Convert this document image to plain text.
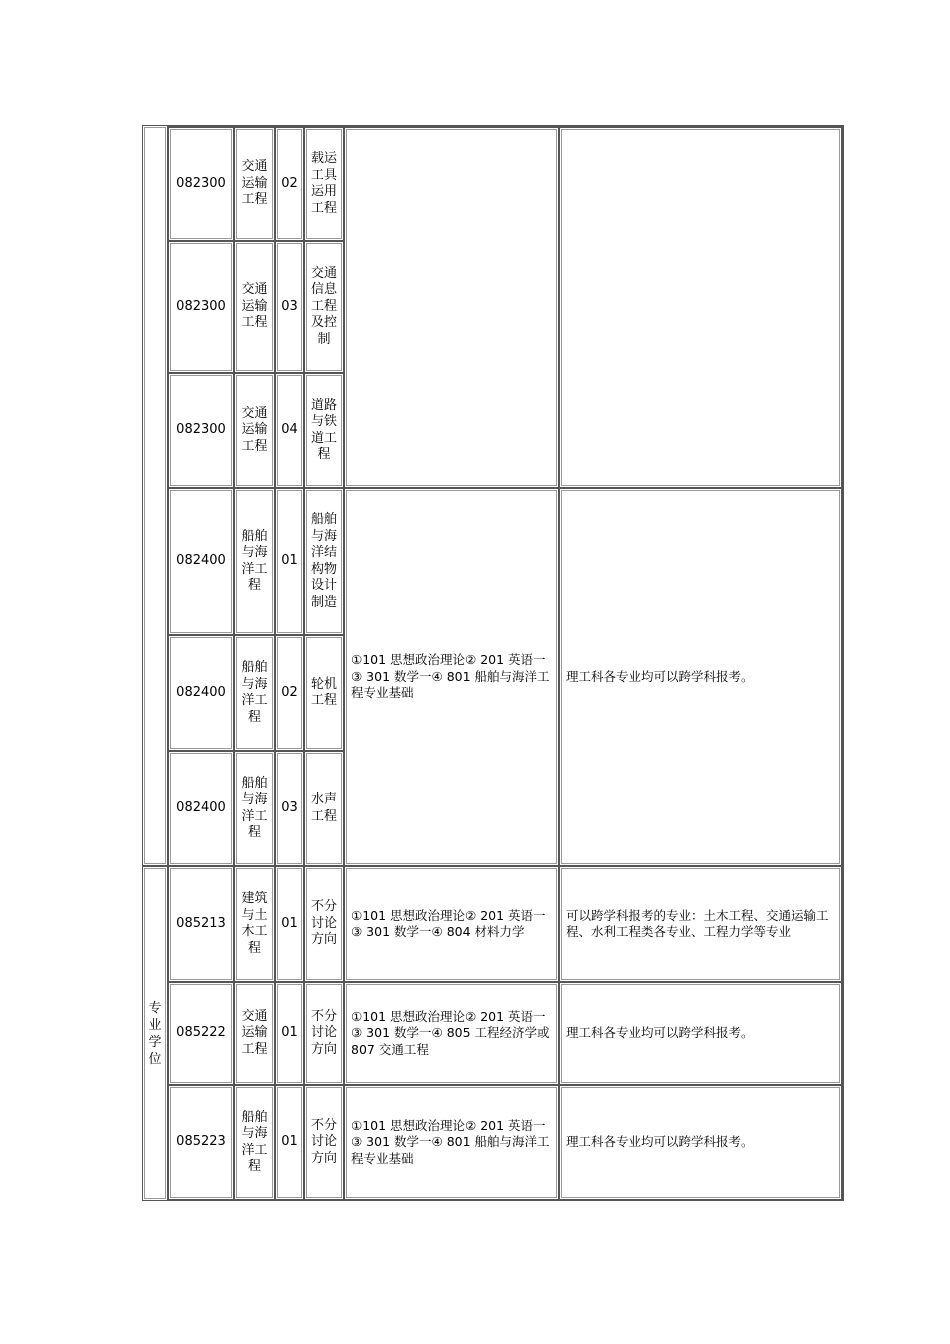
专业学位
082300
交通运输工程
02
载运工具运用工程
082300
交通运输工程
03
交通信息工程及控制
082300
交通运输工程
04
道路与铁道工程
082400
船舶与海洋工程
01
船舶与海洋结构物设计制造
082400
船舶与海洋工程
02
轮机工程
082400
船舶与海洋工程
03
水声工程
①101 思想政治理论② 201 英语一③ 301 数学一④ 801 船舶与海洋工程专业基础
理工科各专业均可以跨学科报考。
085213
建筑与土木工程
01
不分讨论方向
①101 思想政治理论② 201 英语一③ 301 数学一④ 804 材料力学
可以跨学科报考的专业：土木工程、交通运输工程、水利工程类各专业、工程力学等专业
085222
交通运输工程
01
不分讨论方向
①101 思想政治理论② 201 英语一③ 301 数学一④ 805 工程经济学或 807 交通工程
理工科各专业均可以跨学科报考。
085223
船舶与海洋工程
01
不分讨论方向
①101 思想政治理论② 201 英语一③ 301 数学一④ 801 船舶与海洋工程专业基础
理工科各专业均可以跨学科报考。
